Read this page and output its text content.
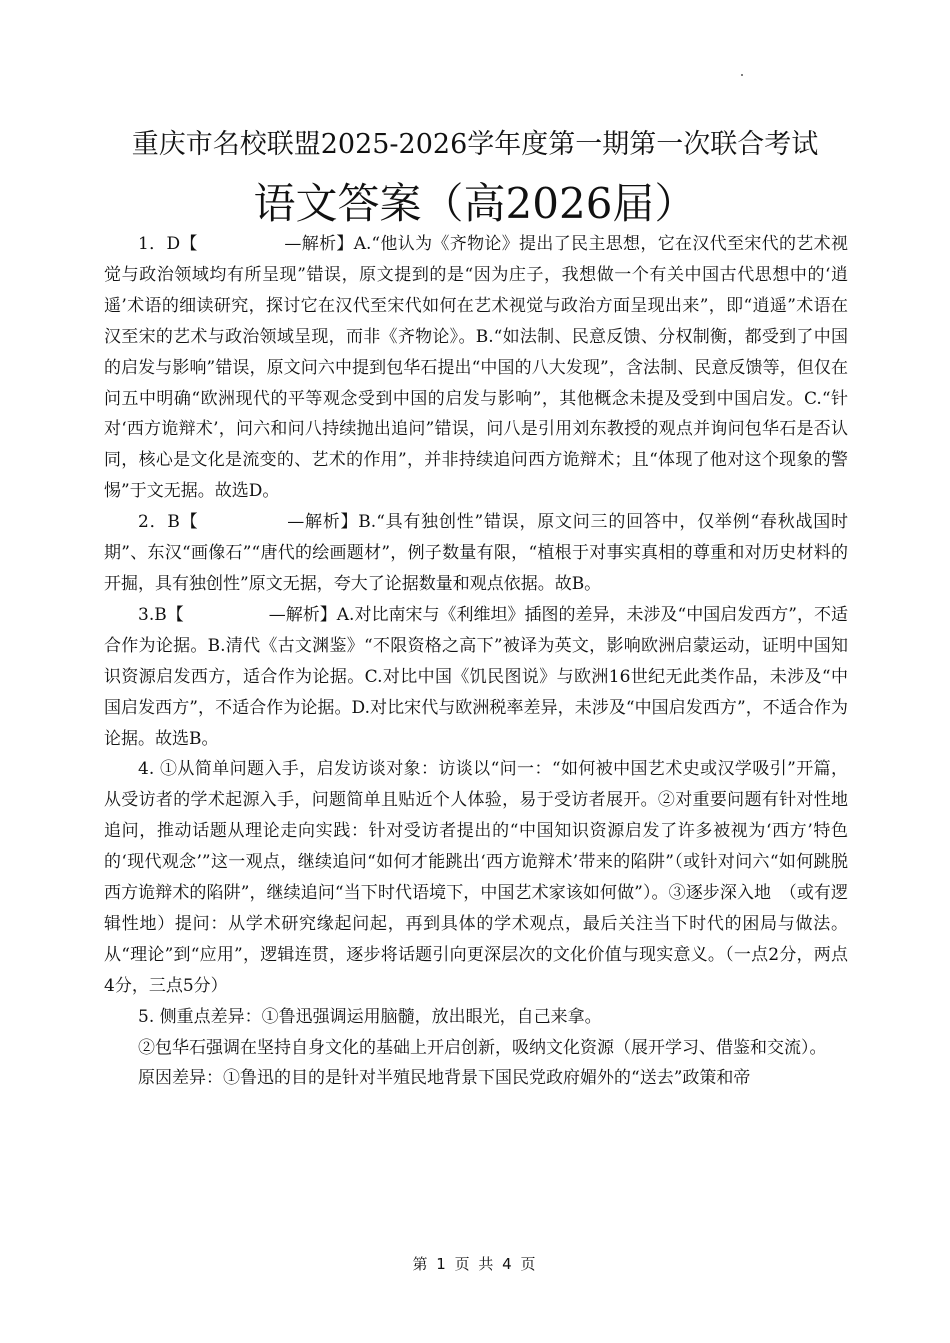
重庆市名校联盟2025-2026学年度第一期第一次联合考试
语文答案（高2026届）

1．D【　　　　　—解析】A.“他认为《齐物论》提出了民主思想，它在汉代至宋代的艺术视觉与政治领域均有所呈现”错误，原文提到的是“因为庄子，我想做一个有关中国古代思想中的‘逍遥’术语的细读研究，探讨它在汉代至宋代如何在艺术视觉与政治方面呈现出来”，即“逍遥”术语在汉至宋的艺术与政治领域呈现，而非《齐物论》。B.“如法制、民意反馈、分权制衡，都受到了中国的启发与影响”错误，原文问六中提到包华石提出“中国的八大发现”，含法制、民意反馈等，但仅在问五中明确“欧洲现代的平等观念受到中国的启发与影响”，其他概念未提及受到中国启发。C.“针对‘西方诡辩术’，问六和问八持续抛出追问”错误，问八是引用刘东教授的观点并询问包华石是否认同，核心是文化是流变的、艺术的作用”，并非持续追问西方诡辩术；且“体现了他对这个现象的警惕”于文无据。故选D。

2．B【　　　　　—解析】B.“具有独创性”错误，原文问三的回答中，仅举例“春秋战国时期”、东汉“画像石”“唐代的绘画题材”，例子数量有限，“植根于对事实真相的尊重和对历史材料的开掘，具有独创性”原文无据，夸大了论据数量和观点依据。故B。

3.B【　　　　　—解析】A.对比南宋与《利维坦》插图的差异，未涉及“中国启发西方”，不适合作为论据。B.清代《古文渊鉴》“不限资格之高下”被译为英文，影响欧洲启蒙运动，证明中国知识资源启发西方，适合作为论据。C.对比中国《饥民图说》与欧洲16世纪无此类作品，未涉及“中国启发西方”，不适合作为论据。D.对比宋代与欧洲税率差异，未涉及“中国启发西方”，不适合作为论据。故选B。

4. ①从简单问题入手，启发访谈对象：访谈以“问一：“如何被中国艺术史或汉学吸引”开篇，从受访者的学术起源入手，问题简单且贴近个人体验，易于受访者展开。②对重要问题有针对性地追问，推动话题从理论走向实践：针对受访者提出的“中国知识资源启发了许多被视为‘西方’特色的‘现代观念’”这一观点，继续追问“如何才能跳出‘西方诡辩术’带来的陷阱”（或针对问六“如何跳脱西方诡辩术的陷阱”，继续追问“当下时代语境下，中国艺术家该如何做”）。③逐步深入地　（或有逻辑性地）提问：从学术研究缘起问起，再到具体的学术观点，最后关注当下时代的困局与做法。从“理论”到“应用”，逻辑连贯，逐步将话题引向更深层次的文化价值与现实意义。（一点2分，两点4分，三点5分）

5. 侧重点差异：①鲁迅强调运用脑髓，放出眼光，自己来拿。

②包华石强调在坚持自身文化的基础上开启创新，吸纳文化资源（展开学习、借鉴和交流）。

原因差异：①鲁迅的目的是针对半殖民地背景下国民党政府媚外的“送去”政策和帝

第 1 页 共 4 页
